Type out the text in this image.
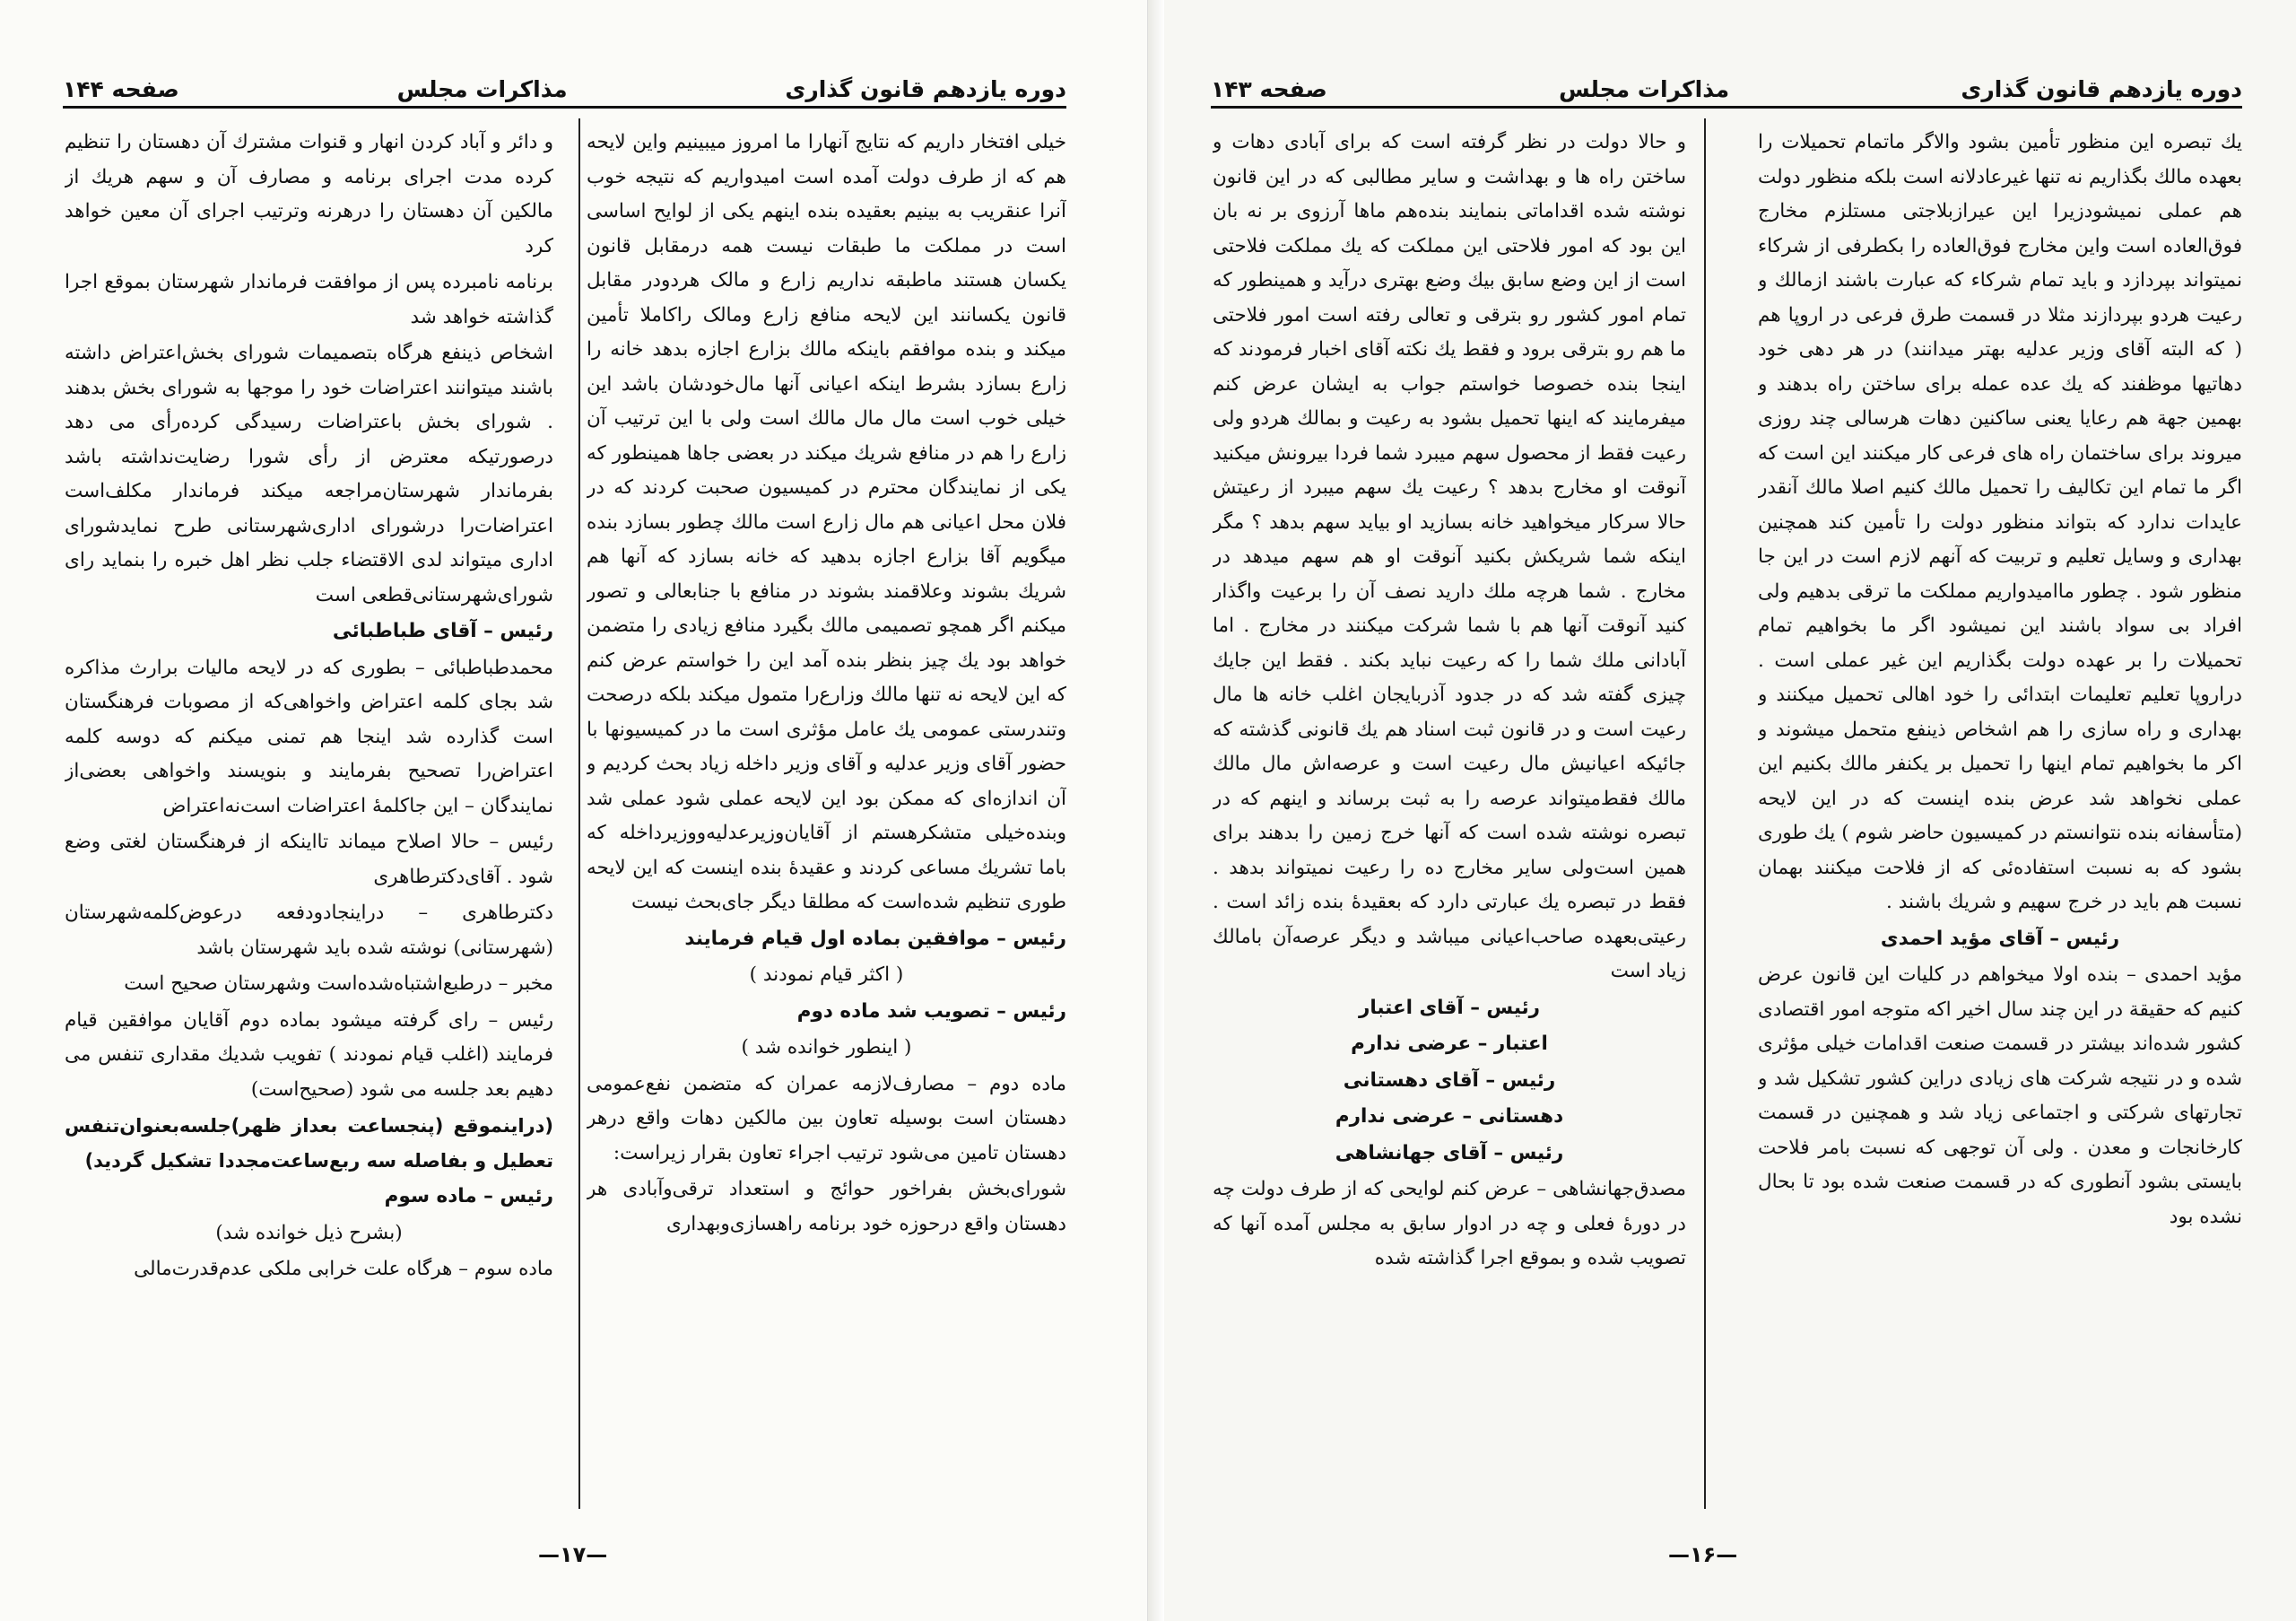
دوره یازدهم قانون گذاری
مذاکرات مجلس
صفحه ۱۴۴

خیلی افتخار داریم که نتایج آنهارا ما امروز میبینیم واین لایحه هم که از طرف دولت آمده است امیدواریم که نتیجه خوب آنرا عنقریب به بینیم بعقیده بنده اینهم یکی از لوایح اساسی است در مملکت ما طبقات نیست همه درمقابل قانون یکسان هستند ماطبقه نداریم زارع و مالک هردودر مقابل قانون یکسانند این لایحه منافع زارع ومالک راکاملا تأمین میکند و بنده موافقم باینکه مالك بزارع اجازه بدهد خانه را زارع بسازد بشرط اینکه اعیانی آنها مال‌خودشان باشد این خیلی خوب است مال مال مالك است ولی با این ترتیب آن زارع را هم در منافع شریك میکند در بعضی جاها همینطور که یکی از نمایندگان محترم در کمیسیون صحبت کردند که در فلان محل اعیانی هم مال زارع است مالك چطور بسازد بنده میگویم آقا بزارع اجازه بدهید که خانه بسازد که آنها هم شریك بشوند وعلاقمند بشوند در منافع با جنابعالی و تصور میکنم اگر همچو تصمیمی مالك بگیرد منافع زیادی را متضمن خواهد بود یك چیز بنظر بنده آمد این را خواستم عرض کنم که این لایحه نه تنها مالك وزارع‌را متمول میکند بلکه درصحت وتندرستی عمومی یك عامل مؤثری است ما در کمیسیونها با حضور آقای وزیر عدلیه و آقای وزیر داخله زیاد بحث کردیم و آن اندازه‌ای که ممکن بود این لایحه عملی شود عملی شد وبنده‌خیلی متشکرهستم از آقایان‌وزیرعدلیه‌ووزیرداخله که باما تشریك مساعی کردند و عقیدهٔ بنده اینست که این لایحه طوری تنظیم شده‌است که مطلقا دیگر جای‌بحث نیست

رئیس – موافقین بماده اول قیام فرمایند

( اکثر قیام نمودند )

رئیس – تصویب شد ماده دوم

( اینطور خوانده شد )

ماده دوم – مصارف‌لازمه عمران که متضمن نفع‌عمومی دهستان است بوسیله تعاون بین مالکین دهات واقع درهر دهستان تامین می‌شود ترتیب اجراء تعاون بقرار زیراست:

شورای‌بخش بفراخور حوائج و استعداد ترقی‌وآبادی هر دهستان واقع درحوزه خود برنامه راهسازی‌وبهداری

و دائر و آباد کردن انهار و قنوات مشترك آن دهستان را تنظیم کرده مدت اجرای برنامه و مصارف آن و سهم هریك از مالکین آن دهستان را درهر‌نه وترتیب اجرای آن معین خواهد کرد

برنامه نامبرده پس از موافقت فرماندار شهرستان بموقع اجرا گذاشته خواهد شد

اشخاص ذینفع هرگاه بتصمیمات شورای بخش‌اعتراض داشته باشند میتوانند اعتراضات خود را موجها به شورای بخش بدهند . شورای بخش باعتراضات رسیدگی کرده‌رأی می دهد درصورتیکه معترض از رأی شورا رضایت‌نداشته باشد بفرماندار شهرستان‌مراجعه میکند فرماندار مکلف‌است اعتراضات‌را درشورای اداری‌شهرستانی طرح نمایدشورای اداری میتواند لدی الاقتضاء جلب نظر اهل خبره را بنماید رای شورای‌شهرستانی‌قطعی است

رئیس – آقای طباطبائی

محمدطباطبائی – بطوری که در لایحه مالیات برارث مذاکره شد بجای کلمه اعتراض واخواهی‌که از مصوبات فرهنگستان است گذارده شد اینجا هم تمنی میکنم که دوسه کلمه اعتراض‌را تصحیح بفرمایند و بنویسند واخواهی بعضی‌از نمایندگان – این جاکلمهٔ اعتراضات است‌نه‌اعتراض

رئیس – حالا اصلاح میماند تااینکه از فرهنگستان لغتی وضع شود . آقای‌دکترطاهری

دکترطاهری – دراینجادودفعه درعوض‌کلمه‌شهرستان (شهرستانی) نوشته شده باید شهرستان باشد

مخبر – درطبع‌اشتباه‌شده‌است وشهرستان صحیح است

رئیس – رای گرفته میشود بماده دوم آقایان موافقین قیام فرمایند (اغلب قیام نمودند ) تفویب شدیك مقداری تنفس می دهیم بعد جلسه می شود (صحیح‌است)

(دراینموقع (پنجساعت بعداز ظهر)جلسه‌بعنوان‌تنفس تعطیل و بفاصله سه ربع‌ساعت‌مجددا تشکیل گردید)

رئیس – ماده سوم

(بشرح ذیل خوانده شد)

ماده سوم – هرگاه علت خرابی ملکی عدم‌قدرت‌مالی

—۱۷—
دوره یازدهم قانون گذاری
مذاکرات مجلس
صفحه ۱۴۳

یك تبصره این منظور تأمین بشود والاگر ماتمام تحمیلات را بعهده مالك بگذاریم نه تنها غیرعادلانه است بلکه منظور دولت هم عملی نمیشودزیرا این عیرازبلاجتی مستلزم مخارج فوق‌العاده است واین مخارج فوق‌العاده را بکطرفی از شرکاء نمیتواند بپردازد و باید تمام شرکاء که عبارت باشند ازمالك و رعیت هردو بپردازند مثلا در قسمت طرق فرعی در اروپا هم ( که البته آقای وزیر عدلیه بهتر میدانند) در هر دهی خود دهاتیها موظفند که یك عده عمله برای ساختن راه بدهند و بهمین جهة هم رعایا یعنی ساکنین دهات هرسالی چند روزی میروند برای ساختمان راه های فرعی کار میکنند این است که اگر ما تمام این تکالیف را تحمیل مالك کنیم اصلا مالك آنقدر عایدات ندارد که بتواند منظور دولت را تأمین کند همچنین بهداری و وسایل تعلیم و تربیت که آنهم لازم است در این جا منظور شود . چطور ماامیدواریم مملکت ما ترقی بدهیم ولی افراد بی سواد باشند این نمیشود اگر ما بخواهیم تمام تحمیلات را بر عهده دولت بگذاریم این غیر عملی است . دراروپا تعلیم تعلیمات ابتدائی را خود اهالی تحمیل میکنند و بهداری و راه سازی را هم اشخاص ذینفع متحمل میشوند و اکر ما بخواهیم تمام اینها را تحمیل بر یکنفر مالك بکنیم این عملی نخواهد شد عرض بنده اینست که در این لایحه (متأسفانه بنده نتوانستم در کمیسیون حاضر شوم ) یك طوری بشود که به نسبت استفاده‌ئی که از فلاحت میکنند بهمان نسبت هم باید در خرج سهیم و شریك باشند .

رئیس – آقای مؤید احمدی

مؤید احمدی – بنده اولا میخواهم در کلیات این قانون عرض کنیم که حقیقة در این چند سال اخیر اکه متوجه امور اقتصادی کشور شده‌اند بیشتر در قسمت صنعت اقدامات خیلی مؤثری شده و در نتیجه شرکت های زیادی دراین کشور تشکیل شد و تجارتهای شرکتی و اجتماعی زیاد شد و همچنین در قسمت کارخانجات و معدن . ولی آن توجهی که نسبت بامر فلاحت بایستی بشود آنطوری که در قسمت صنعت شده بود تا بحال نشده بود

و حالا دولت در نظر گرفته است که برای آبادی دهات و ساختن راه ها و بهداشت و سایر مطالبی که در این قانون نوشته شده اقداماتی بنمایند بنده‌هم ماها آرزو‌ی بر نه بان این بود که امور فلاحتی این مملکت که یك مملکت فلاحتی است از این وضع سابق بیك وضع بهتری درآید و همینطور که تمام امور کشور رو بترقی و تعالی رفته است امور فلاحتی ما هم رو بترقی برود و فقط یك نکته آقای اخبار فرمودند که اینجا بنده خصوصا خواستم جواب به ایشان عرض کنم میفرمایند که اینها تحمیل بشود به رعیت و بمالك هردو ولی رعیت فقط از محصول سهم میبرد شما فردا بیرونش میکنید آنوقت او مخارج بدهد ؟ رعیت یك سهم میبرد از رعیتش حالا سرکار میخواهید خانه بسازید او بیاید سهم بدهد ؟ مگر اینکه شما شریکش بکنید آنوقت او هم سهم میدهد در مخارج . شما هرچه ملك دارید نصف آن را برعیت واگذار کنید آنوقت آنها هم با شما شرکت میکنند در مخارج . اما آبادانی ملك شما را که رعیت نباید بکند . فقط این جایك چیزی گفته شد که در جدود آذربایجان اغلب خانه ها مال رعیت است و در قانون ثبت اسناد هم یك قانونی گذشته که جائیکه اعیانیش مال رعیت است و عرصه‌اش مال مالك مالك فقط‌میتواند عرصه را به ثبت برساند و اینهم که در تبصره نوشته شده است که آنها خرج زمین را بدهند برای همین است‌ولی سایر مخارج ده را رعیت نمیتواند بدهد . فقط در تبصره یك عبارتی دارد که بعقیدهٔ بنده زائد است . رعیتی‌بعهده صاحب‌اعیانی میباشد و دیگر عرصه‌آن بامالك زیاد است

رئیس – آقای اعتبار

اعتبار – عرضی ندارم

رئیس – آقای دهستانی

دهستانی – عرضی ندارم

رئیس – آقای جهانشاهی

مصدق‌جهانشاهی – عرض کنم لوایحی که از طرف دولت چه در دورهٔ فعلی و چه در ادوار سابق به مجلس آمده آنها که تصویب شده و بموقع اجرا گذاشته شده

—۱۶—
